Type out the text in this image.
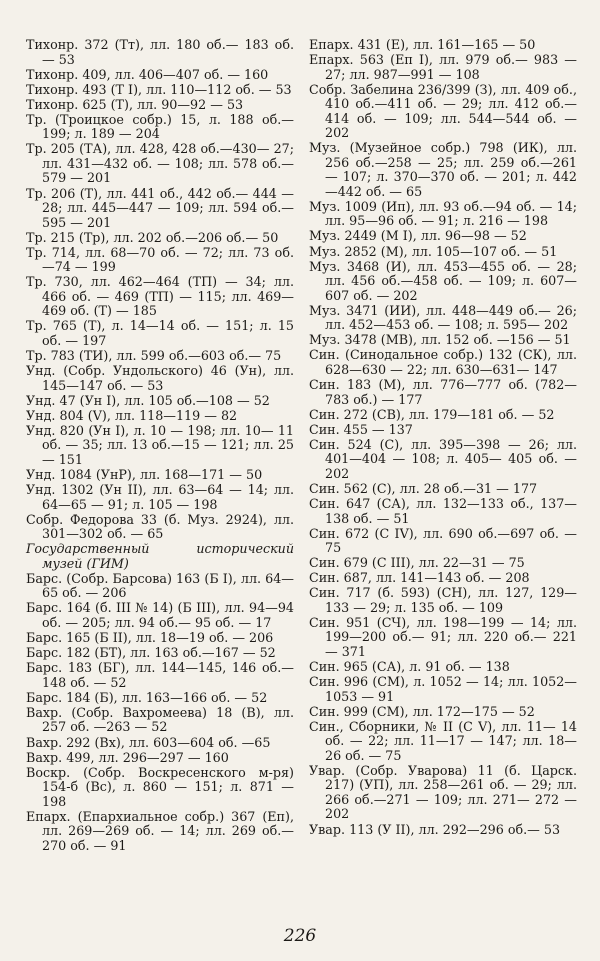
Тихонр. 372 (Тт), лл. 180 об.— 183 об. — 53

Тихонр. 409, лл. 406—407 об. — 160

Тихонр. 493 (Т I), лл. 110—112 об. — 53

Тихонр. 625 (Т), лл. 90—92 — 53

Тр. (Троицкое собр.) 15, л. 188 об.— 199; л. 189 — 204

Тр. 205 (ТА), лл. 428, 428 об.—430— 27; лл. 431—432 об. — 108; лл. 578 об.—579 — 201

Тр. 206 (Т), лл. 441 об., 442 об.— 444 — 28; лл. 445—447 — 109; лл. 594 об.—595 — 201

Тр. 215 (Тр), лл. 202 об.—206 об.— 50

Тр. 714, лл. 68—70 об. — 72; лл. 73 об.—74 — 199

Тр. 730, лл. 462—464 (ТП) — 34; лл. 466 об. — 469 (ТП) — 115; лл. 469—469 об. (Т) — 185

Тр. 765 (Т), л. 14—14 об. — 151; л. 15 об. — 197

Тр. 783 (ТИ), лл. 599 об.—603 об.— 75

Унд. (Собр. Ундольского) 46 (Ун), лл. 145—147 об. — 53

Унд. 47 (Ун I), лл. 105 об.—108 — 52

Унд. 804 (V), лл. 118—119 — 82

Унд. 820 (Ун I), л. 10 — 198; лл. 10— 11 об. — 35; лл. 13 об.—15 — 121; лл. 25 — 151

Унд. 1084 (УнР), лл. 168—171 — 50

Унд. 1302 (Ун II), лл. 63—64 — 14; лл. 64—65 — 91; л. 105 — 198

Собр. Федорова 33 (б. Муз. 2924), лл. 301—302 об. — 65

Государственный исторический музей (ГИМ)

Барс. (Собр. Барсова) 163 (Б I), лл. 64—65 об. — 206

Барс. 164 (б. III № 14) (Б III), лл. 94—94 об. — 205; лл. 94 об.— 95 об. — 17

Барс. 165 (Б II), лл. 18—19 об. — 206

Барс. 182 (БТ), лл. 163 об.—167 — 52

Барс. 183 (БГ), лл. 144—145, 146 об.—148 об. — 52

Барс. 184 (Б), лл. 163—166 об. — 52

Вахр. (Собр. Вахромеева) 18 (В), лл. 257 об. —263 — 52

Вахр. 292 (Вх), лл. 603—604 об. —65

Вахр. 499, лл. 296—297 — 160

Воскр. (Собр. Воскресенского м-ря) 154-б (Вс), л. 860 — 151; л. 871 — 198

Епарх. (Епархиальное собр.) 367 (Еп), лл. 269—269 об. — 14; лл. 269 об.—270 об. — 91

Епарх. 431 (Е), лл. 161—165 — 50

Епарх. 563 (Еп I), лл. 979 об.— 983 — 27; лл. 987—991 — 108

Собр. Забелина 236/399 (З), лл. 409 об., 410 об.—411 об. — 29; лл. 412 об.—414 об. — 109; лл. 544—544 об. — 202

Муз. (Музейное собр.) 798 (ИК), лл. 256 об.—258 — 25; лл. 259 об.—261 — 107; л. 370—370 об. — 201; л. 442—442 об. — 65

Муз. 1009 (Ип), лл. 93 об.—94 об. — 14; лл. 95—96 об. — 91; л. 216 — 198

Муз. 2449 (М I), лл. 96—98 — 52

Муз. 2852 (М), лл. 105—107 об. — 51

Муз. 3468 (И), лл. 453—455 об. — 28; лл. 456 об.—458 об. — 109; л. 607—607 об. — 202

Муз. 3471 (ИИ), лл. 448—449 об.— 26; лл. 452—453 об. — 108; л. 595— 202

Муз. 3478 (МВ), лл. 152 об. —156 — 51

Син. (Синодальное собр.) 132 (СК), лл. 628—630 — 22; лл. 630—631— 147

Син. 183 (М), лл. 776—777 об. (782—783 об.) — 177

Син. 272 (СВ), лл. 179—181 об. — 52

Син. 455 — 137

Син. 524 (С), лл. 395—398 — 26; лл. 401—404 — 108; л. 405— 405 об. — 202

Син. 562 (С), лл. 28 об.—31 — 177

Син. 647 (СА), лл. 132—133 об., 137—138 об. — 51

Син. 672 (С IV), лл. 690 об.—697 об. — 75

Син. 679 (С III), лл. 22—31 — 75

Син. 687, лл. 141—143 об. — 208

Син. 717 (б. 593) (СН), лл. 127, 129—133 — 29; л. 135 об. — 109

Син. 951 (СЧ), лл. 198—199 — 14; лл. 199—200 об.— 91; лл. 220 об.— 221 — 371

Син. 965 (СА), л. 91 об. — 138

Син. 996 (СМ), л. 1052 — 14; лл. 1052—1053 — 91

Син. 999 (СМ), лл. 172—175 — 52

Син., Сборники, № II (С V), лл. 11— 14 об. — 22; лл. 11—17 — 147; лл. 18—26 об. — 75

Увар. (Собр. Уварова) 11 (б. Царск. 217) (УП), лл. 258—261 об. — 29; лл. 266 об.—271 — 109; лл. 271— 272 — 202

Увар. 113 (У II), лл. 292—296 об.— 53

226
